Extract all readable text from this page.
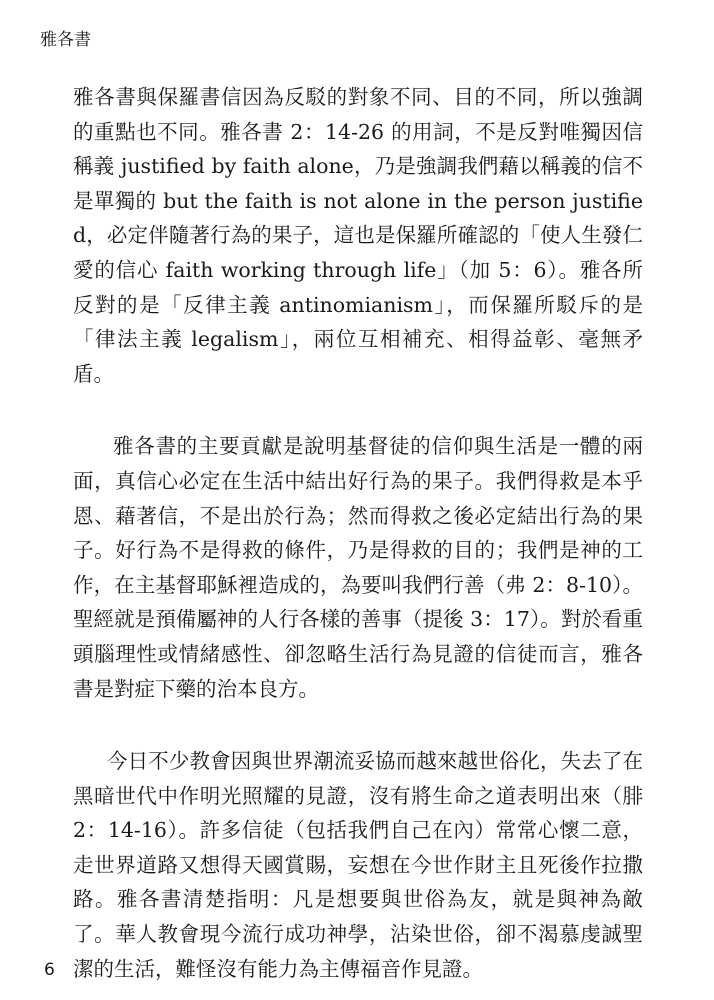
雅各書

雅各書與保羅書信因為反駁的對象不同、目的不同，所以強調的重點也不同。雅各書 2：14-26 的用詞，不是反對唯獨因信稱義 justified by faith alone，乃是強調我們藉以稱義的信不是單獨的 but the faith is not alone in the person justified，必定伴隨著行為的果子，這也是保羅所確認的「使人生發仁愛的信心 faith working through life」（加 5：6）。雅各所反對的是「反律主義 antinomianism」，而保羅所駁斥的是「律法主義 legalism」，兩位互相補充、相得益彰、毫無矛盾。

雅各書的主要貢獻是說明基督徒的信仰與生活是一體的兩面，真信心必定在生活中結出好行為的果子。我們得救是本乎恩、藉著信，不是出於行為；然而得救之後必定結出行為的果子。好行為不是得救的條件，乃是得救的目的；我們是神的工作，在主基督耶穌裡造成的，為要叫我們行善（弗 2：8-10）。聖經就是預備屬神的人行各樣的善事（提後 3：17）。對於看重頭腦理性或情緒感性、卻忽略生活行為見證的信徒而言，雅各書是對症下藥的治本良方。

今日不少教會因與世界潮流妥協而越來越世俗化，失去了在黑暗世代中作明光照耀的見證，沒有將生命之道表明出來（腓 2：14-16）。許多信徒（包括我們自己在內）常常心懷二意，走世界道路又想得天國賞賜，妄想在今世作財主且死後作拉撒路。雅各書清楚指明：凡是想要與世俗為友，就是與神為敵了。華人教會現今流行成功神學，沾染世俗，卻不渴慕虔誠聖潔的生活，難怪沒有能力為主傳福音作見證。

6
